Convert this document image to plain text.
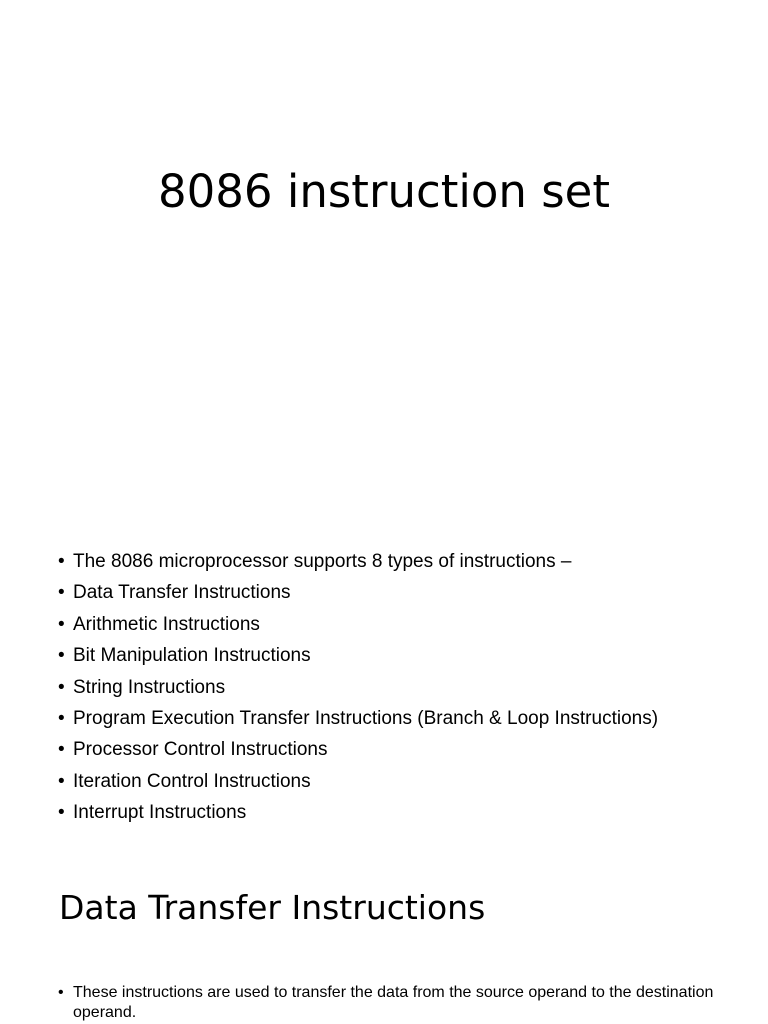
8086 instruction set
• The 8086 microprocessor supports 8 types of instructions –
• Data Transfer Instructions
• Arithmetic Instructions
• Bit Manipulation Instructions
• String Instructions
• Program Execution Transfer Instructions (Branch & Loop Instructions)
• Processor Control Instructions
• Iteration Control Instructions
• Interrupt Instructions
Data Transfer Instructions
• These instructions are used to transfer the data from the source operand to the destination operand.
